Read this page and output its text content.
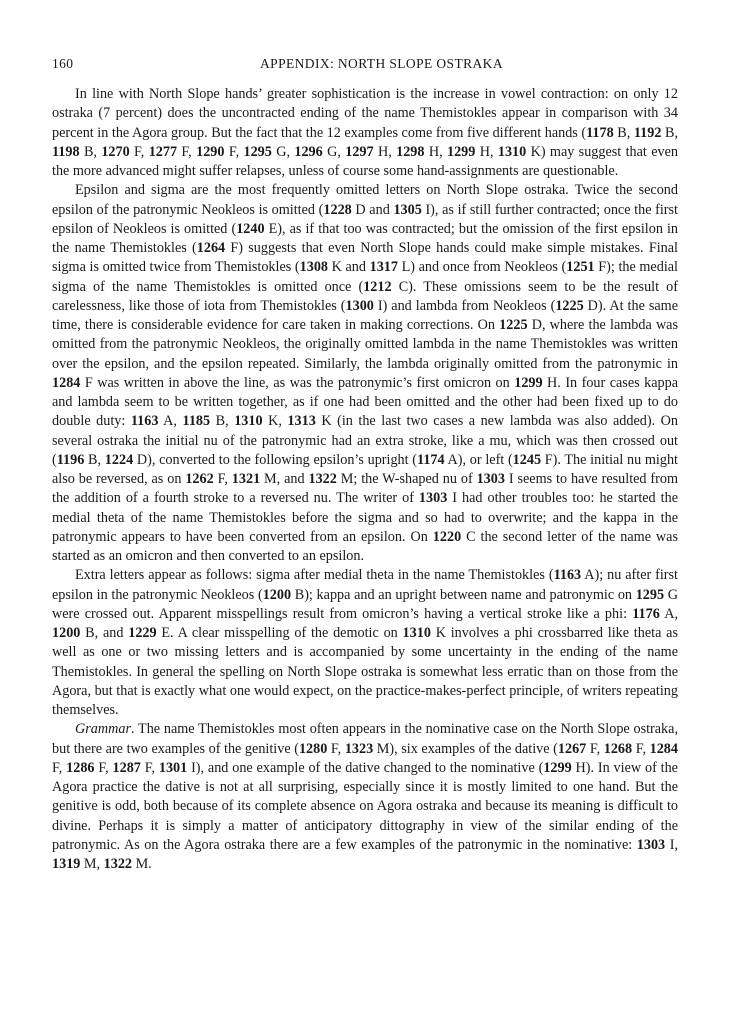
160	APPENDIX: NORTH SLOPE OSTRAKA

In line with North Slope hands’ greater sophistication is the increase in vowel contraction: on only 12 ostraka (7 percent) does the uncontracted ending of the name Themistokles appear in comparison with 34 percent in the Agora group. But the fact that the 12 examples come from five different hands (1178 B, 1192 B, 1198 B, 1270 F, 1277 F, 1290 F, 1295 G, 1296 G, 1297 H, 1298 H, 1299 H, 1310 K) may suggest that even the more advanced might suffer relapses, unless of course some hand-assignments are questionable.

Epsilon and sigma are the most frequently omitted letters on North Slope ostraka. Twice the second epsilon of the patronymic Neokleos is omitted (1228 D and 1305 I), as if still further contracted; once the first epsilon of Neokleos is omitted (1240 E), as if that too was contracted; but the omission of the first epsilon in the name Themistokles (1264 F) suggests that even North Slope hands could make simple mistakes. Final sigma is omitted twice from Themistokles (1308 K and 1317 L) and once from Neokleos (1251 F); the medial sigma of the name Themistokles is omitted once (1212 C). These omissions seem to be the result of carelessness, like those of iota from Themistokles (1300 I) and lambda from Neokleos (1225 D). At the same time, there is considerable evidence for care taken in making corrections. On 1225 D, where the lambda was omitted from the patronymic Neokleos, the originally omitted lambda in the name Themistokles was written over the epsilon, and the epsilon repeated. Similarly, the lambda originally omitted from the patronymic in 1284 F was written in above the line, as was the patronymic’s first omicron on 1299 H. In four cases kappa and lambda seem to be written together, as if one had been omitted and the other had been fixed up to do double duty: 1163 A, 1185 B, 1310 K, 1313 K (in the last two cases a new lambda was also added). On several ostraka the initial nu of the patronymic had an extra stroke, like a mu, which was then crossed out (1196 B, 1224 D), converted to the following epsilon’s upright (1174 A), or left (1245 F). The initial nu might also be reversed, as on 1262 F, 1321 M, and 1322 M; the W-shaped nu of 1303 I seems to have resulted from the addition of a fourth stroke to a reversed nu. The writer of 1303 I had other troubles too: he started the medial theta of the name Themistokles before the sigma and so had to overwrite; and the kappa in the patronymic appears to have been converted from an epsilon. On 1220 C the second letter of the name was started as an omicron and then converted to an epsilon.

Extra letters appear as follows: sigma after medial theta in the name Themistokles (1163 A); nu after first epsilon in the patronymic Neokleos (1200 B); kappa and an upright between name and patronymic on 1295 G were crossed out. Apparent misspellings result from omicron’s having a vertical stroke like a phi: 1176 A, 1200 B, and 1229 E. A clear misspelling of the demotic on 1310 K involves a phi crossbarred like theta as well as one or two missing letters and is accompanied by some uncertainty in the ending of the name Themistokles. In general the spelling on North Slope ostraka is somewhat less erratic than on those from the Agora, but that is exactly what one would expect, on the practice-makes-perfect principle, of writers repeating themselves.

Grammar. The name Themistokles most often appears in the nominative case on the North Slope ostraka, but there are two examples of the genitive (1280 F, 1323 M), six examples of the dative (1267 F, 1268 F, 1284 F, 1286 F, 1287 F, 1301 I), and one example of the dative changed to the nominative (1299 H). In view of the Agora practice the dative is not at all surprising, especially since it is mostly limited to one hand. But the genitive is odd, both because of its complete absence on Agora ostraka and because its meaning is difficult to divine. Perhaps it is simply a matter of anticipatory dittography in view of the similar ending of the patronymic. As on the Agora ostraka there are a few examples of the patronymic in the nominative: 1303 I, 1319 M, 1322 M.
